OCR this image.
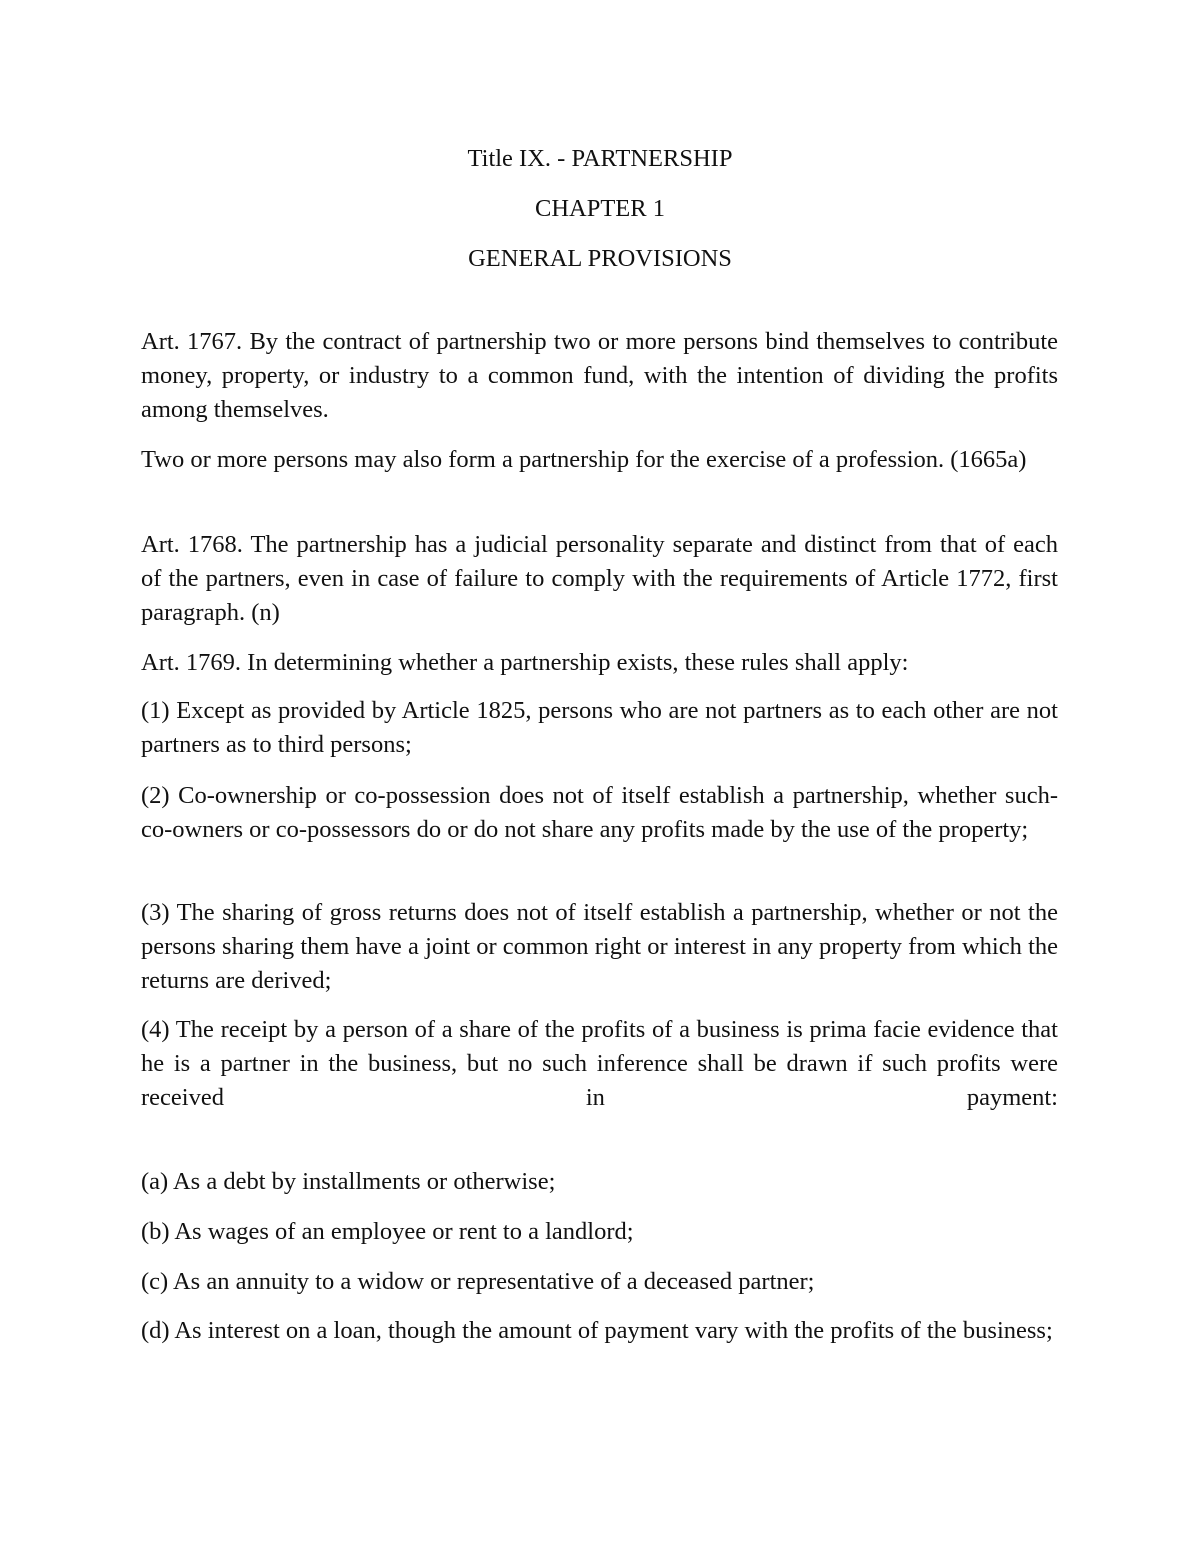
Title IX. - PARTNERSHIP
CHAPTER 1
GENERAL PROVISIONS

Art. 1767. By the contract of partnership two or more persons bind themselves to contribute money, property, or industry to a common fund, with the intention of dividing the profits among themselves.

Two or more persons may also form a partnership for the exercise of a profession. (1665a)

Art. 1768. The partnership has a judicial personality separate and distinct from that of each of the partners, even in case of failure to comply with the requirements of Article 1772, first paragraph. (n)

Art. 1769. In determining whether a partnership exists, these rules shall apply:

(1) Except as provided by Article 1825, persons who are not partners as to each other are not partners as to third persons;

(2) Co-ownership or co-possession does not of itself establish a partnership, whether such-co-owners or co-possessors do or do not share any profits made by the use of the property;

(3) The sharing of gross returns does not of itself establish a partnership, whether or not the persons sharing them have a joint or common right or interest in any property from which the returns are derived;

(4) The receipt by a person of a share of the profits of a business is prima facie evidence that he is a partner in the business, but no such inference shall be drawn if such profits were received in payment:

(a) As a debt by installments or otherwise;

(b) As wages of an employee or rent to a landlord;

(c) As an annuity to a widow or representative of a deceased partner;

(d) As interest on a loan, though the amount of payment vary with the profits of the business;
